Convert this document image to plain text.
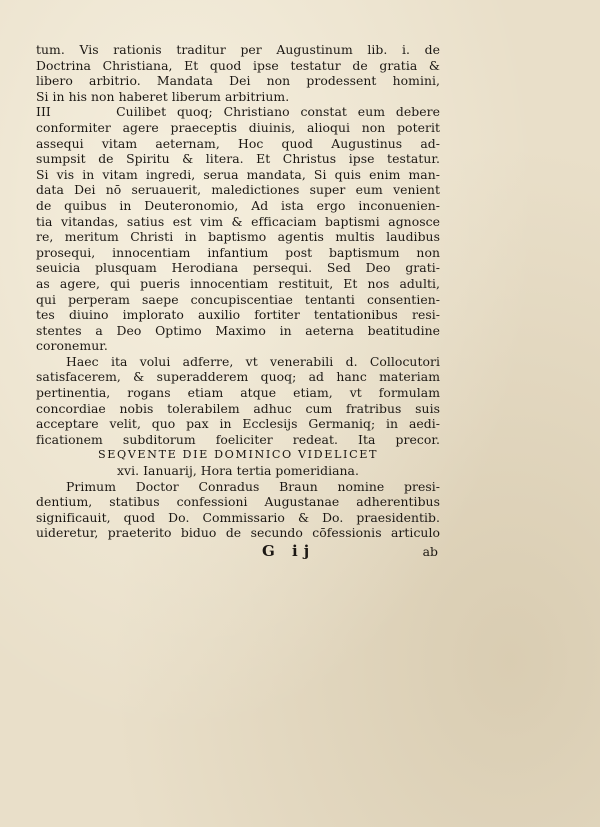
tum. Vis rationis traditur per Augustinum lib. i. de
Doctrina Christiana, Et quod ipse testatur de gratia &
libero arbitrio. Mandata Dei non prodessent homini,
Si in his non haberet liberum arbitrium.
III      Cuilibet quoq; Christiano constat eum debere
conformiter agere praeceptis diuinis, alioqui non poterit
assequi vitam aeternam, Hoc quod Augustinus ad-
sumpsit de Spiritu & litera. Et Christus ipse testatur.
Si vis in vitam ingredi, serua mandata, Si quis enim man-
data Dei nō seruauerit, maledictiones super eum venient
de quibus in Deuteronomio, Ad ista ergo inconuenien-
tia vitandas, satius est vim & efficaciam baptismi agnosce
re, meritum Christi in baptismo agentis multis laudibus
prosequi, innocentiam infantium post baptismum non
seuicia plusquam Herodiana persequi. Sed Deo grati-
as agere, qui pueris innocentiam restituit, Et nos adulti,
qui perperam saepe concupiscentiae tentanti consentien-
tes diuino implorato auxilio fortiter tentationibus resi-
stentes a Deo Optimo Maximo in aeterna beatitudine
coronemur.
Haec ita volui adferre, vt venerabili d. Collocutori
satisfacerem, & superadderem quoq; ad hanc materiam
pertinentia, rogans etiam atque etiam, vt formulam
concordiae nobis tolerabilem adhuc cum fratribus suis
acceptare velit, quo pax in Ecclesijs Germaniq; in aedi-
ficationem subditorum foeliciter redeat. Ita precor.
SEQVENTE DIE DOMINICO VIDELICET
xvi. Ianuarij, Hora tertia pomeridiana.
Primum Doctor Conradus Braun nomine presi-
dentium, statibus confessioni Augustanae adherentibus
significauit, quod Do. Commissario & Do. praesidentib.
uideretur, praeterito biduo de secundo cōfessionis articulo
G ij	ab
